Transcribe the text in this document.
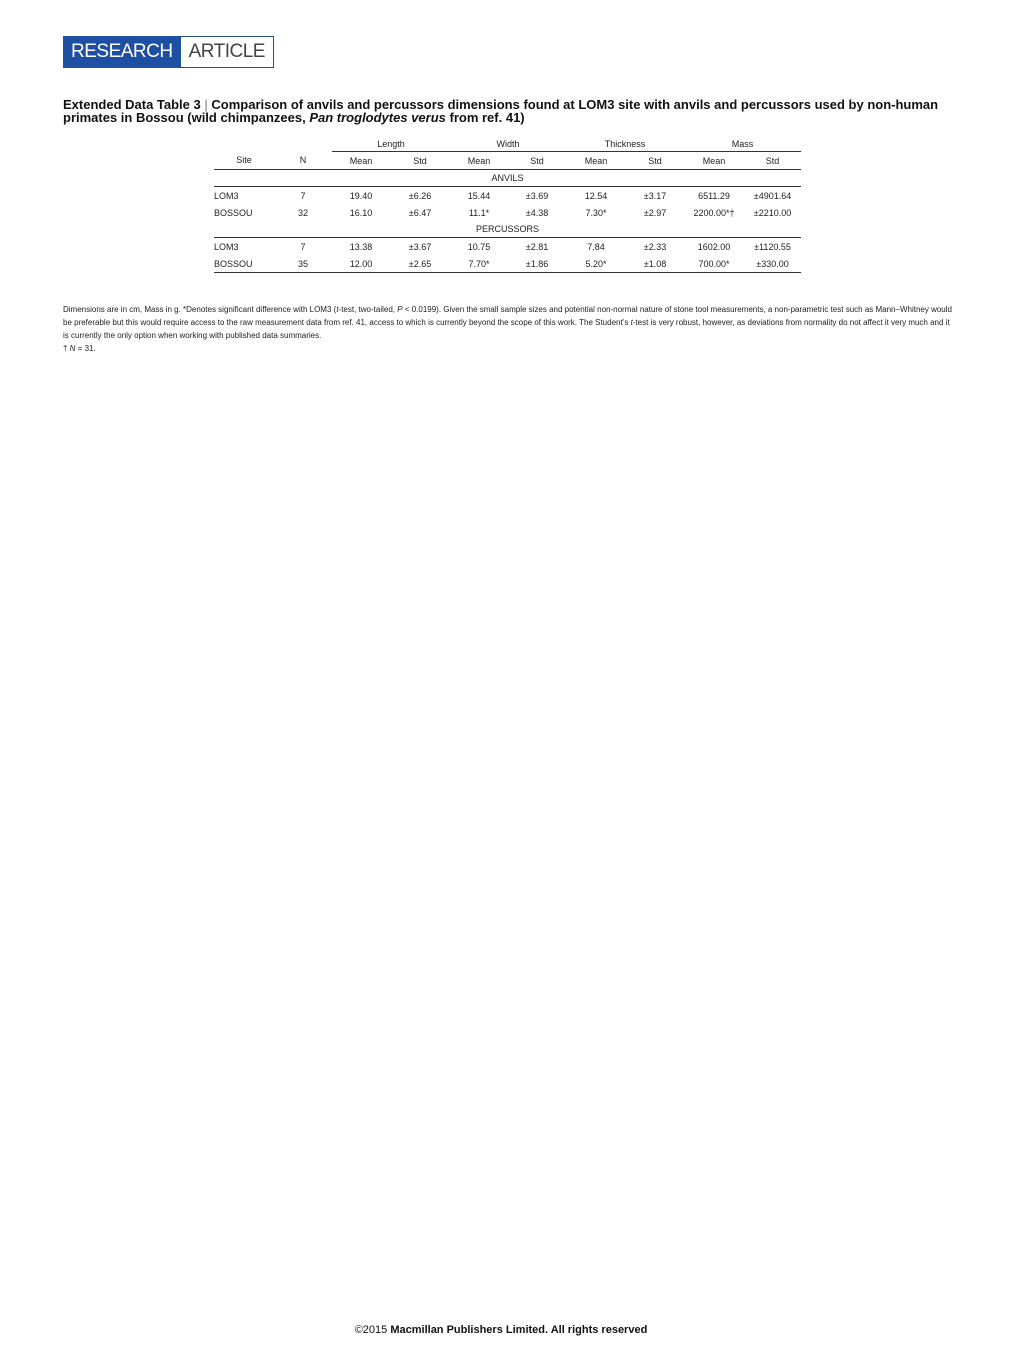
RESEARCH ARTICLE
Extended Data Table 3 | Comparison of anvils and percussors dimensions found at LOM3 site with anvils and percussors used by non-human primates in Bossou (wild chimpanzees, Pan troglodytes verus from ref. 41)
		Length		Width		Thickness		Mass	
Site	N	Mean	Std	Mean	Std	Mean	Std	Mean	Std
ANVILS									
LOM3	7	19.40	±6.26	15.44	±3.69	12.54	±3.17	6511.29	±4901.64
BOSSOU	32	16.10	±6.47	11.1*	±4.38	7.30*	±2.97	2200.00*†	±2210.00
PERCUSSORS									
LOM3	7	13.38	±3.67	10.75	±2.81	7.84	±2.33	1602.00	±1120.55
BOSSOU	35	12.00	±2.65	7.70*	±1.86	5.20*	±1.08	700.00*	±330.00
Dimensions are in cm, Mass in g. *Denotes significant difference with LOM3 (t-test, two-tailed, P < 0.0199). Given the small sample sizes and potential non-normal nature of stone tool measurements, a non-parametric test such as Mann–Whitney would be preferable but this would require access to the raw measurement data from ref. 41, access to which is currently beyond the scope of this work. The Student’s t-test is very robust, however, as deviations from normality do not affect it very much and it is currently the only option when working with published data summaries.
† N = 31.
©2015 Macmillan Publishers Limited. All rights reserved
